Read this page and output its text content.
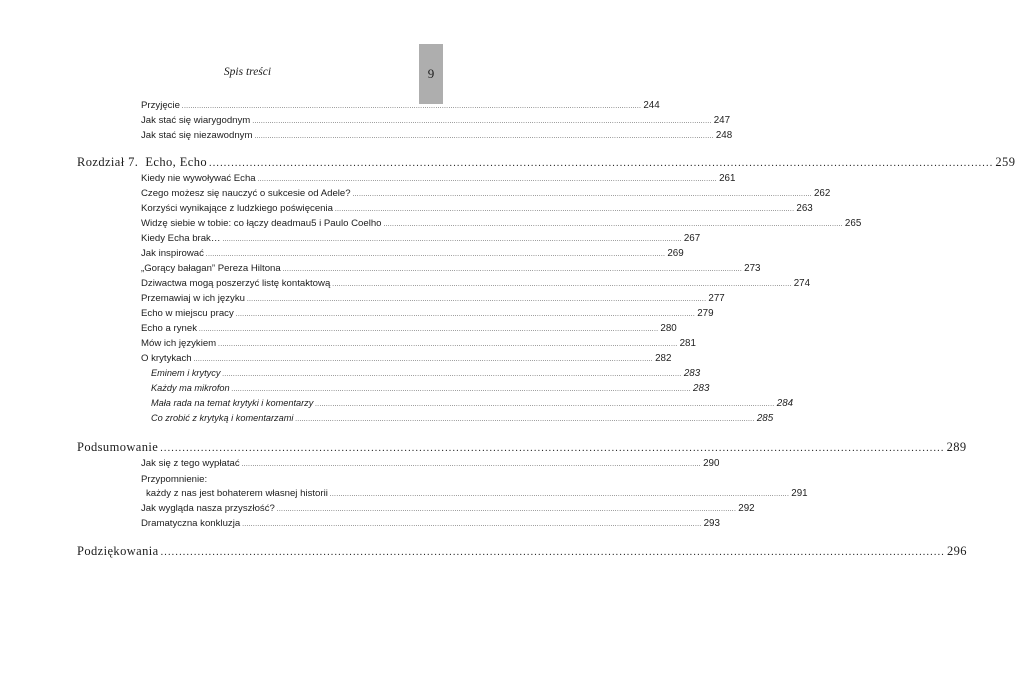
9
Spis treści
Przyjęcie .................................................................................................................................................................................................................... 244
Jak stać się wiarygodnym .................................................................................................................................................................................................................... 247
Jak stać się niezawodnym .................................................................................................................................................................................................................... 248
Rozdział 7.  Echo, Echo .................................................................................................................................................................................................................... 259
Kiedy nie wywoływać Echa .................................................................................................................................................................................................................... 261
Czego możesz się nauczyć o sukcesie od Adele? .................................................................................................................................................................................................................... 262
Korzyści wynikające z ludzkiego poświęcenia .................................................................................................................................................................................................................... 263
Widzę siebie w tobie: co łączy deadmau5 i Paulo Coelho .................................................................................................................................................................................................................... 265
Kiedy Echa brak… .................................................................................................................................................................................................................... 267
Jak inspirować .................................................................................................................................................................................................................... 269
„Gorący bałagan” Pereza Hiltona .................................................................................................................................................................................................................... 273
Dziwactwa mogą poszerzyć listę kontaktową .................................................................................................................................................................................................................... 274
Przemawiaj w ich języku .................................................................................................................................................................................................................... 277
Echo w miejscu pracy .................................................................................................................................................................................................................... 279
Echo a rynek .................................................................................................................................................................................................................... 280
Mów ich językiem .................................................................................................................................................................................................................... 281
O krytykach .................................................................................................................................................................................................................... 282
Eminem i krytycy .................................................................................................................................................................................................................... 283
Każdy ma mikrofon .................................................................................................................................................................................................................... 283
Mała rada na temat krytyki i komentarzy .................................................................................................................................................................................................................... 284
Co zrobić z krytyką i komentarzami .................................................................................................................................................................................................................... 285
Podsumowanie .................................................................................................................................................................................................................... 289
Jak się z tego wypłatać .................................................................................................................................................................................................................... 290
Przypomnienie:
każdy z nas jest bohaterem własnej historii .................................................................................................................................................................................................................... 291
Jak wygląda nasza przyszłość? .................................................................................................................................................................................................................... 292
Dramatyczna konkluzja .................................................................................................................................................................................................................... 293
Podziękowania .................................................................................................................................................................................................................... 296
